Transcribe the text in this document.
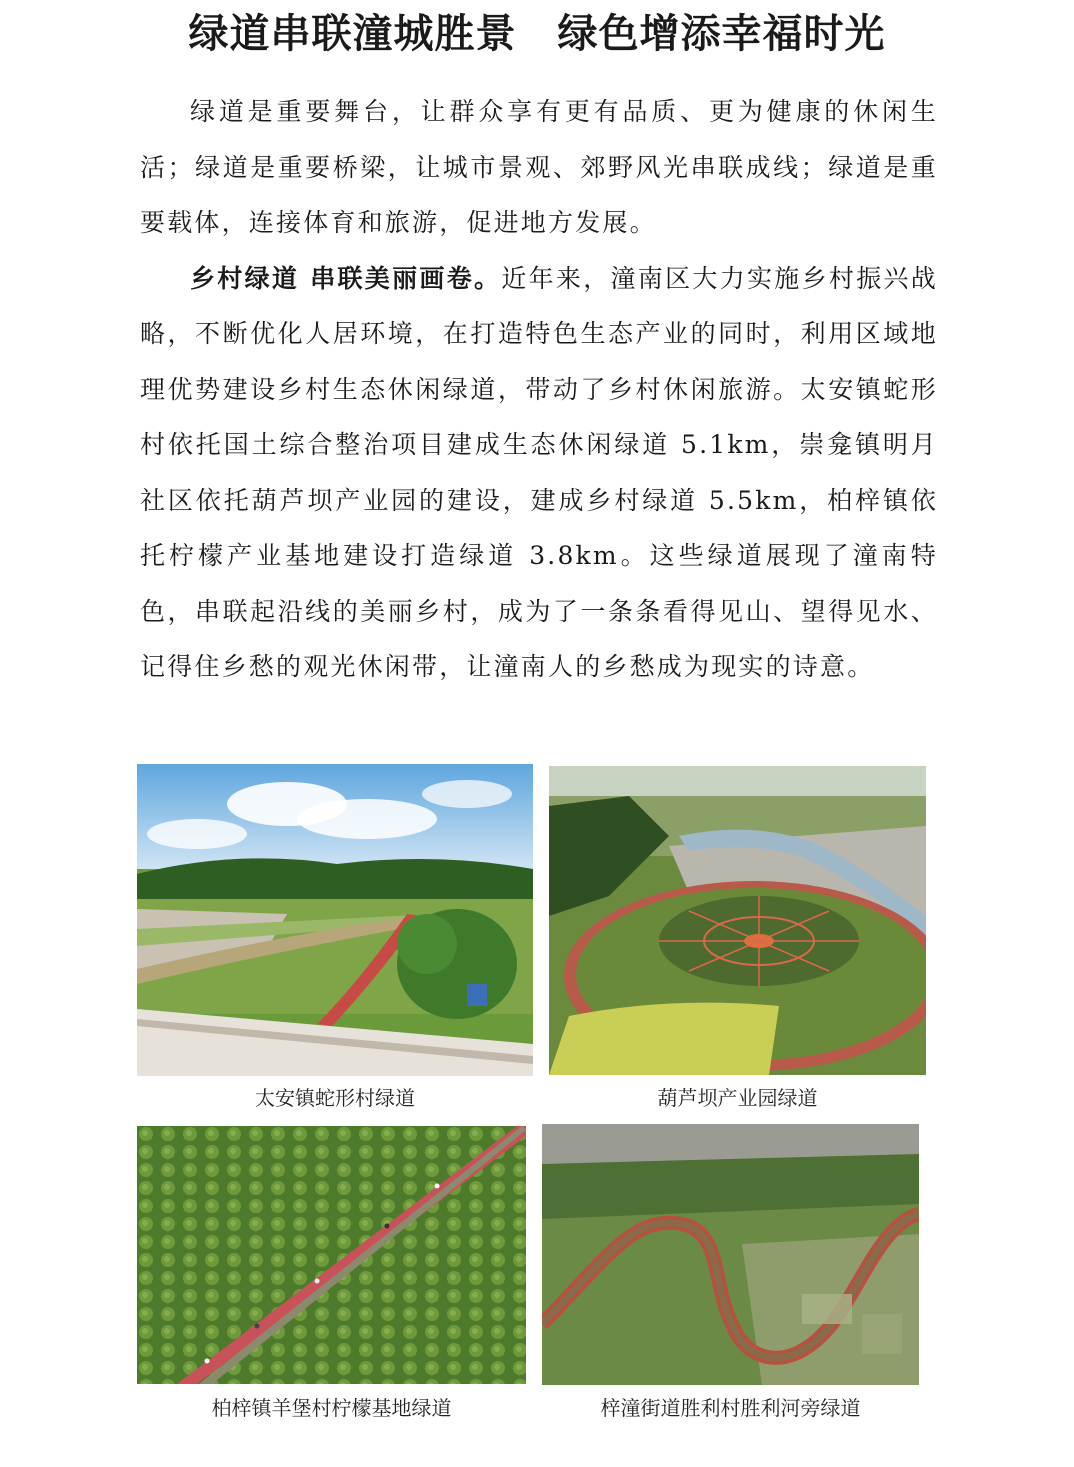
绿道串联潼城胜景　绿色增添幸福时光

绿道是重要舞台，让群众享有更有品质、更为健康的休闲生活；绿道是重要桥梁，让城市景观、郊野风光串联成线；绿道是重要载体，连接体育和旅游，促进地方发展。

乡村绿道 串联美丽画卷。近年来，潼南区大力实施乡村振兴战略，不断优化人居环境，在打造特色生态产业的同时，利用区域地理优势建设乡村生态休闲绿道，带动了乡村休闲旅游。太安镇蛇形村依托国土综合整治项目建成生态休闲绿道 5.1km，崇龛镇明月社区依托葫芦坝产业园的建设，建成乡村绿道 5.5km，柏梓镇依托柠檬产业基地建设打造绿道 3.8km。这些绿道展现了潼南特色，串联起沿线的美丽乡村，成为了一条条看得见山、望得见水、记得住乡愁的观光休闲带，让潼南人的乡愁成为现实的诗意。

太安镇蛇形村绿道	葫芦坝产业园绿道
柏梓镇羊堡村柠檬基地绿道	梓潼街道胜利村胜利河旁绿道
